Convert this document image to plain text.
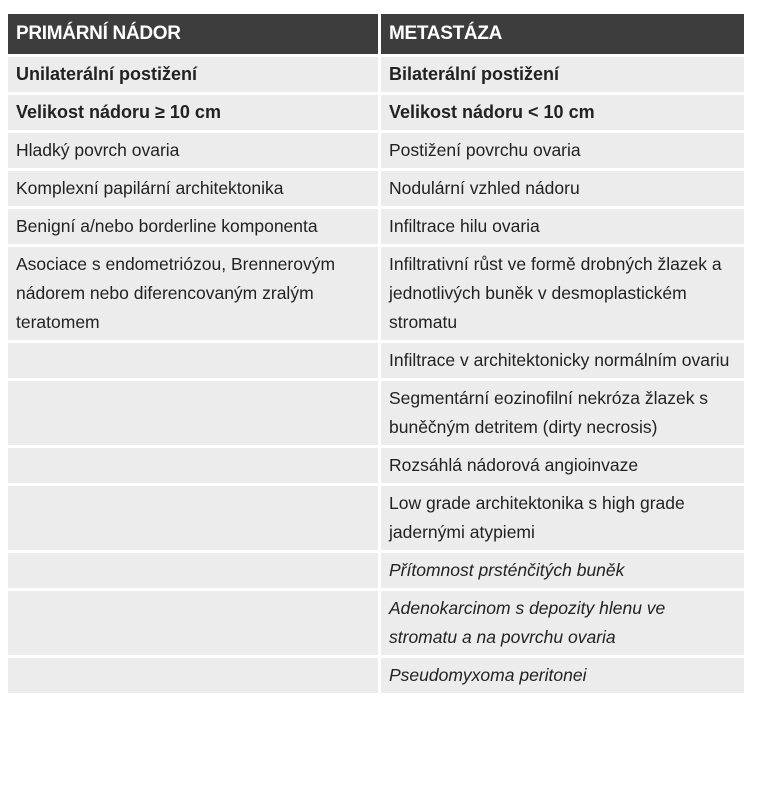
PRIMÁRNÍ NÁDOR	METASTÁZA
Unilaterální postižení	Bilaterální postižení
Velikost nádoru ≥ 10 cm	Velikost nádoru < 10 cm
Hladký povrch ovaria	Postižení povrchu ovaria
Komplexní papilární architektonika	Nodulární vzhled nádoru
Benigní a/nebo borderline komponenta	Infiltrace hilu ovaria
Asociace s endometriózou, Brennerovým nádorem nebo diferencovaným zralým teratomem	Infiltrativní růst ve formě drobných žlazek a jednotlivých buněk v desmoplastickém stromatu
	Infiltrace v architektonicky normálním ovariu
	Segmentární eozinofilní nekróza žlazek s buněčným detritem (dirty necrosis)
	Rozsáhlá nádorová angioinvaze
	Low grade architektonika s high grade jadernými atypiemi
	Přítomnost prsténčitých buněk
	Adenokarcinom s depozity hlenu ve stromatu a na povrchu ovaria
	Pseudomyxoma peritonei
